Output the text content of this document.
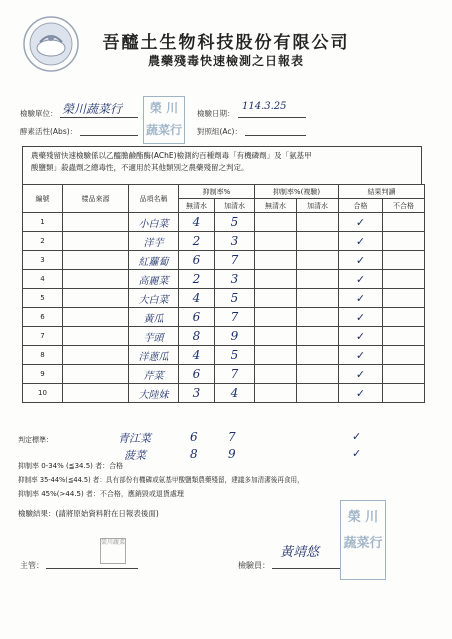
吾醯土生物科技股份有限公司
農藥殘毒快速檢測之日報表
檢驗單位： 榮川蔬菜行
酵素活性(Abs)：
榮 川 蔬菜行
檢驗日期：
114.3.25
對照組(Ac)：
農藥殘留快速檢驗係以乙醯膽鹼酯酶(AChE)檢測約百種劑毒「有機磷劑」及「氨基甲
酸鹽類」殺蟲劑之總毒性，不適用於其他類別之農藥殘留之判定。
編號	樣品來源	品項名稱	抑制率%		抑制率%(複驗)		結果判讀	
			無清水	加清水	無清水	加清水	合格	不合格
1		小白菜	4	5			✓	
2		洋芋	2	3			✓	
3		紅蘿蔔	6	7			✓	
4		高麗菜	2	3			✓	
5		大白菜	4	5			✓	
6		黃瓜	6	7			✓	
7		芋頭	8	9			✓	
8		洋蔥瓜	4	5			✓	
9		芹菜	6	7			✓	
10		大陸妹	3	4			✓	
青江菜	6	7	✓
菠菜	8	9	✓
判定標準：
抑制率 0-34% (≦34.5) 者：合格
抑制率 35-44%(≦44.5) 者：具有部份有機磷或氨基甲酸鹽類農藥殘留，建議多加清潔後再食用，
抑制率 45%(>44.5) 者：不合格，應銷毀或退貨處理
檢驗結果：(請將原始資料附在日報表後面)	榮 川 蔬菜行
主管：
榮川蔬菜
檢驗員：
黃靖悠
